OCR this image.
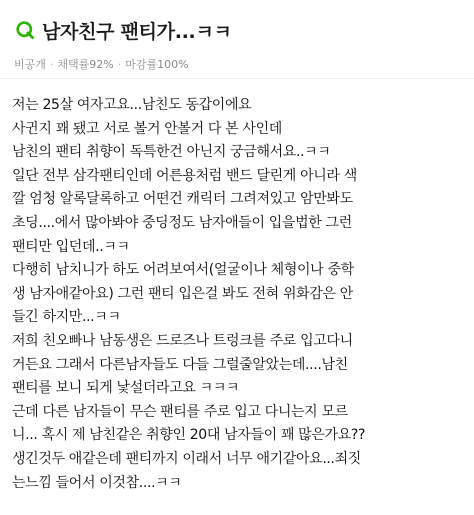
남자친구 팬티가...ㅋㅋ
비공개 · 채택률92% · 마감률100%
저는 25살 여자고요...남친도 동갑이에요
사귄지 꽤 됐고 서로 볼거 안볼거 다 본 사인데
남친의 팬티 취향이 독특한건 아닌지 궁금해서요..ㅋㅋ
일단 전부 삼각팬티인데 어른용처럼 밴드 달린게 아니라 색
깔 엄청 알록달록하고 어떤건 캐릭터 그려져있고 암만봐도
초딩....에서 많아봐야 중딩정도 남자애들이 입을법한 그런
팬티만 입던데..ㅋㅋ
다행히 남치니가 하도 어려보여서(얼굴이나 체형이나 중학
생 남자애같아요) 그런 팬티 입은걸 봐도 전혀 위화감은 안
들긴 하지만...ㅋㅋ
저희 친오빠나 남동생은 드로즈나 트렁크를 주로 입고다니
거든요 그래서 다른남자들도 다들 그럴줄알았는데....남친
팬티를 보니 되게 낯설더라고요 ㅋㅋㅋ
근데 다른 남자들이 무슨 팬티를 주로 입고 다니는지 모르
니... 혹시 제 남친같은 취향인 20대 남자들이 꽤 많은가요??
생긴것두 애같은데 팬티까지 이래서 너무 애기같아요...죄짓
는느낌 들어서 이것참....ㅋㅋ
